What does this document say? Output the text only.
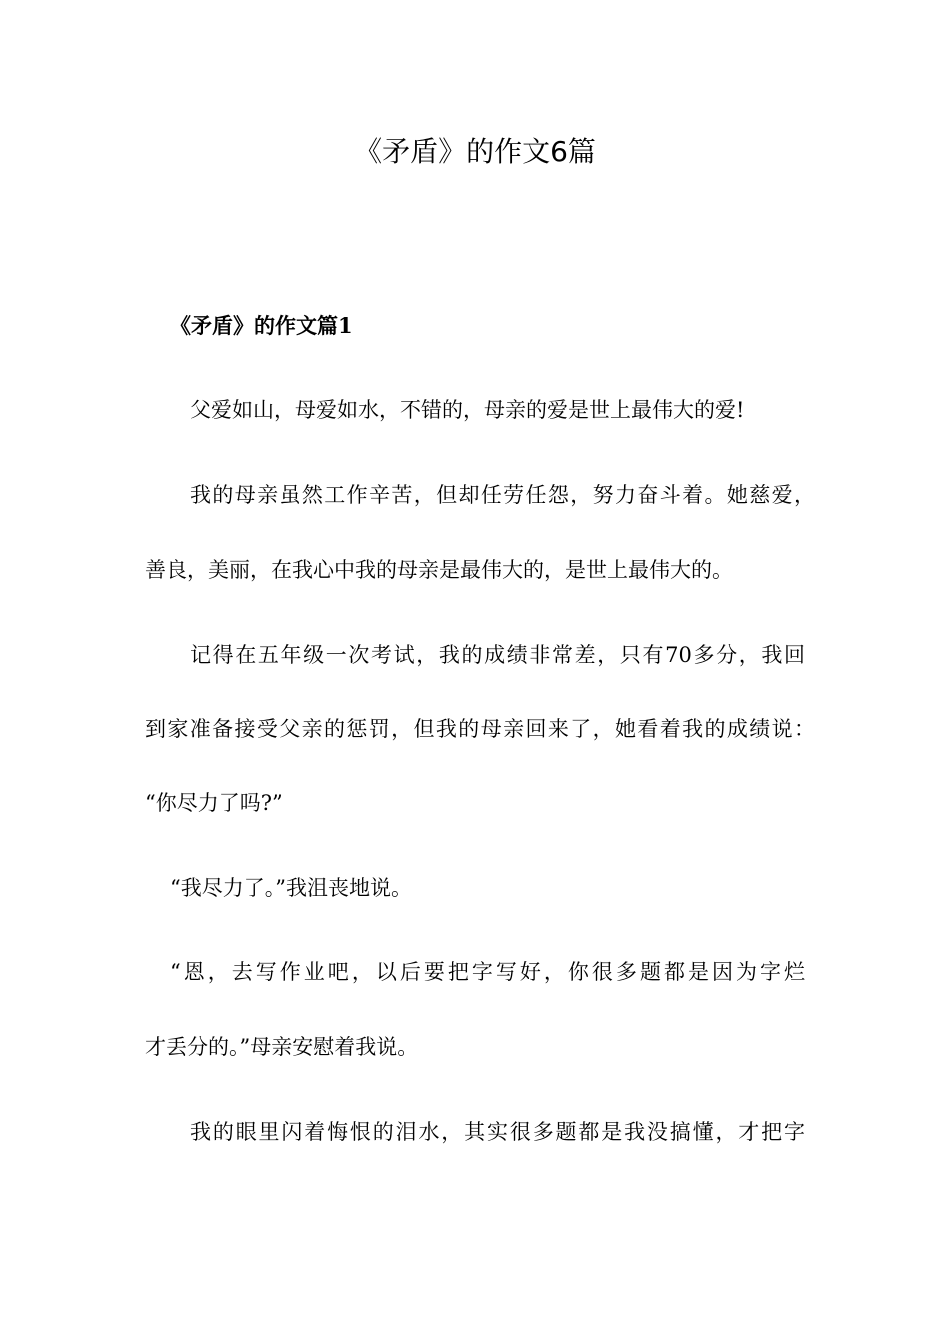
《矛盾》的作文6篇

《矛盾》的作文篇1

父爱如山，母爱如水，不错的，母亲的爱是世上最伟大的爱!

我的母亲虽然工作辛苦，但却任劳任怨，努力奋斗着。她慈爱，

善良，美丽，在我心中我的母亲是最伟大的，是世上最伟大的。

记得在五年级一次考试，我的成绩非常差，只有70多分，我回

到家准备接受父亲的惩罚，但我的母亲回来了，她看着我的成绩说：

“你尽力了吗?”

“我尽力了。”我沮丧地说。

“恩，去写作业吧，以后要把字写好，你很多题都是因为字烂

才丢分的。”母亲安慰着我说。

我的眼里闪着悔恨的泪水，其实很多题都是我没搞懂，才把字
